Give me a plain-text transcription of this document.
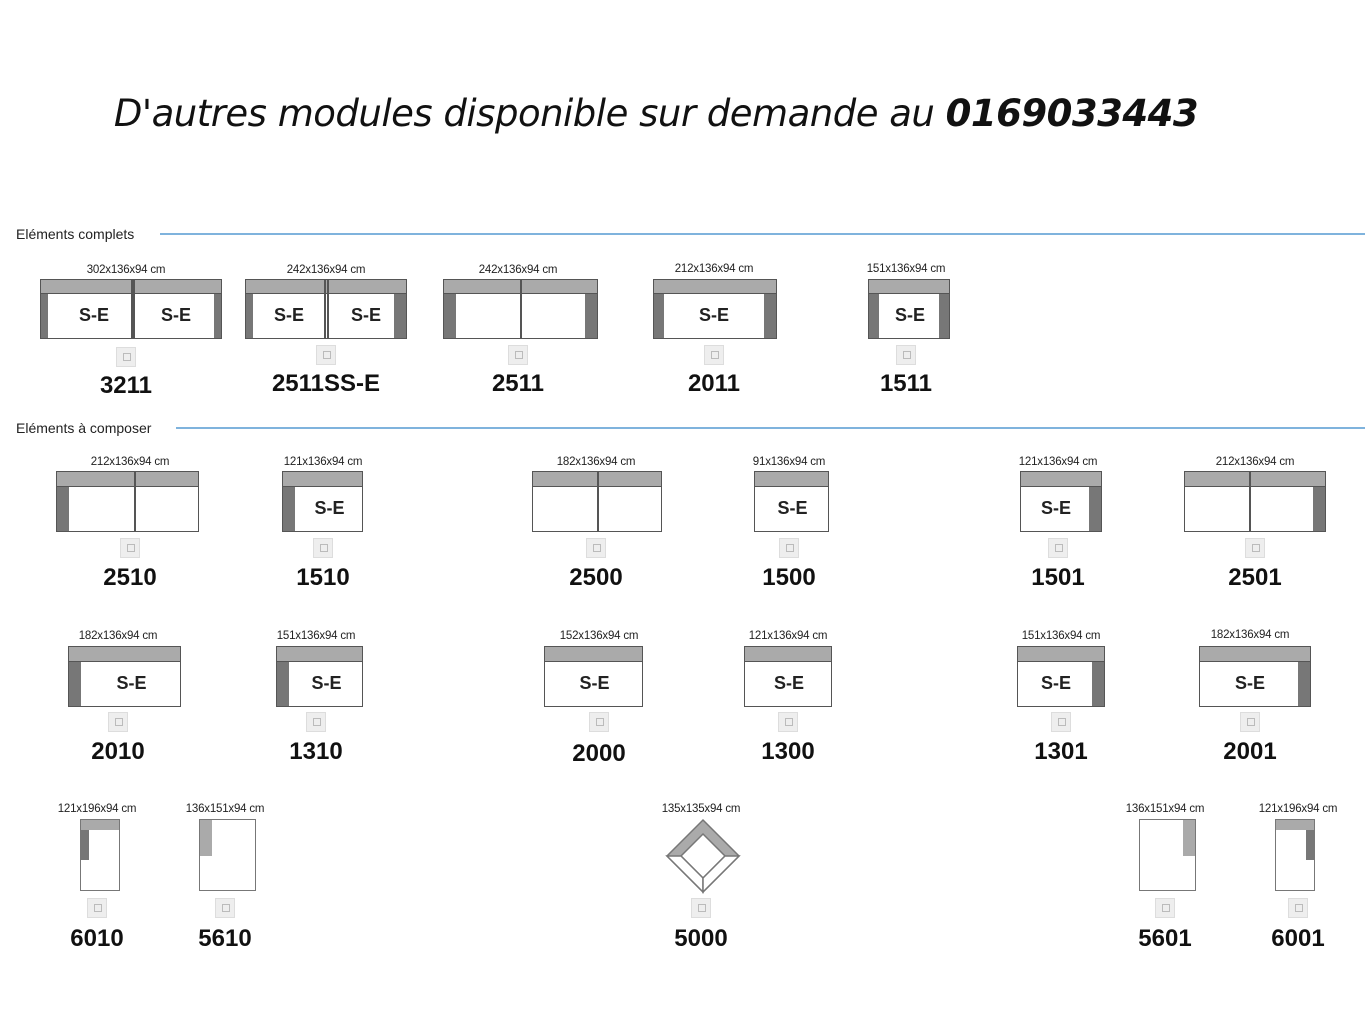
D'autres modules disponible sur demande au 0169033443
Eléments complets
Eléments à composer
302x136x94 cm
S-E	S-E
3211
242x136x94 cm
S-E	S-E
2511SS-E
242x136x94 cm
2511
212x136x94 cm
S-E
2011
151x136x94 cm
S-E
1511
212x136x94 cm
2510
121x136x94 cm
S-E
1510
182x136x94 cm
2500
91x136x94 cm
S-E
1500
121x136x94 cm
S-E
1501
212x136x94 cm
2501
182x136x94 cm
S-E
2010
151x136x94 cm
S-E
1310
152x136x94 cm
S-E
2000
121x136x94 cm
S-E
1300
151x136x94 cm
S-E
1301
182x136x94 cm
S-E
2001
121x196x94 cm
6010
136x151x94 cm
5610
135x135x94 cm
5000
136x151x94 cm
5601
121x196x94 cm
6001
